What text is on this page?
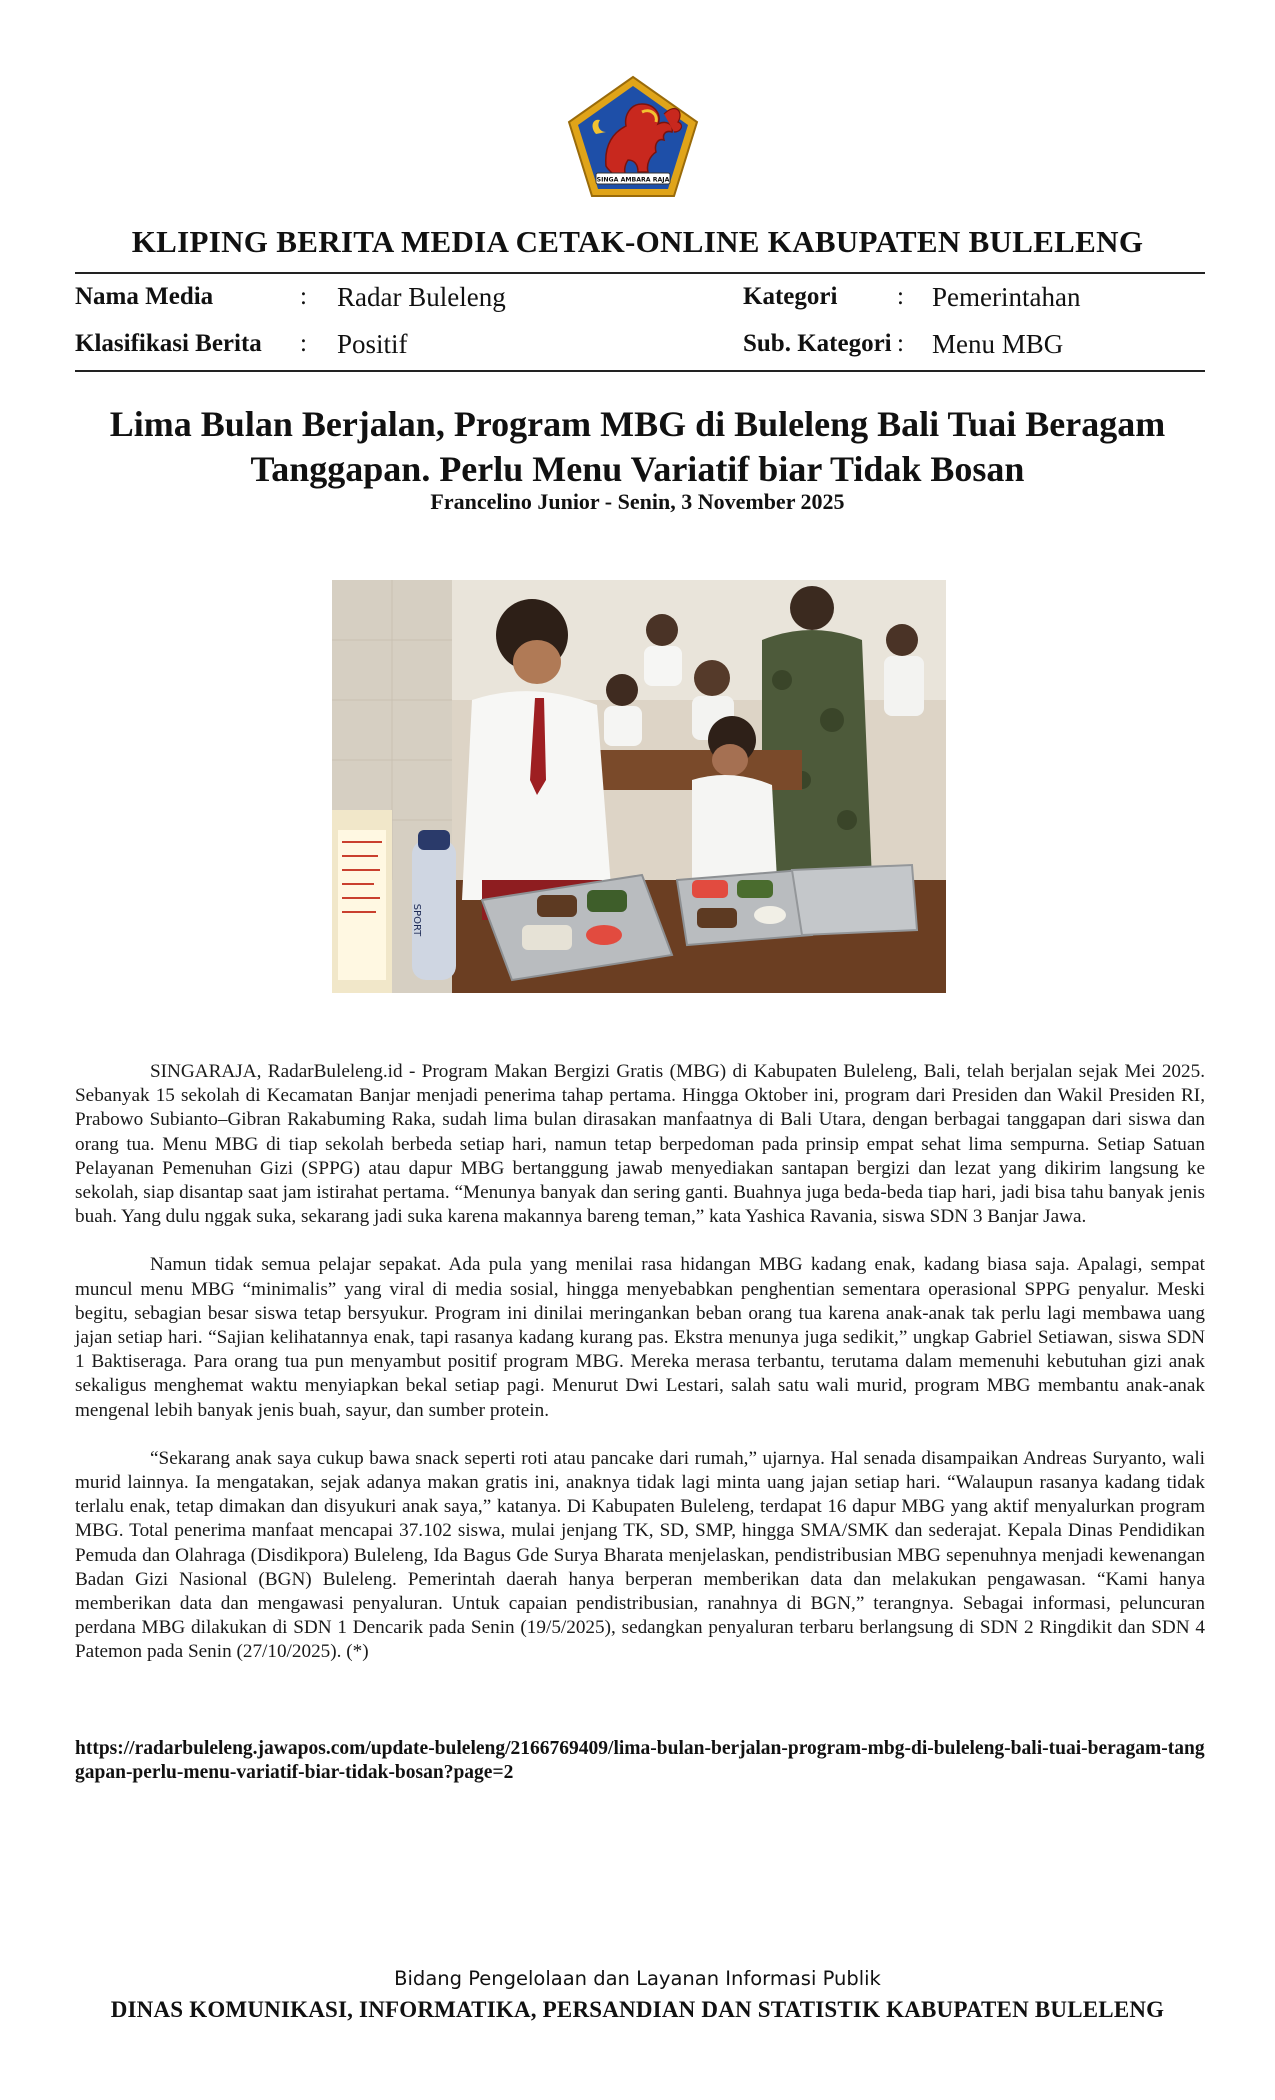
SINGA AMBARA RAJA
KLIPING BERITA MEDIA CETAK-ONLINE KABUPATEN BULELENG
Nama Media	: Radar Buleleng
Klasifikasi Berita : Positif
Kategori : Pemerintahan
Sub. Kategori : Menu MBG
Lima Bulan Berjalan, Program MBG di Buleleng Bali Tuai Beragam Tanggapan. Perlu Menu Variatif biar Tidak Bosan
Francelino Junior - Senin, 3 November 2025
SPORT

SINGARAJA, RadarBuleleng.id - Program Makan Bergizi Gratis (MBG) di Kabupaten Buleleng, Bali, telah berjalan sejak Mei 2025. Sebanyak 15 sekolah di Kecamatan Banjar menjadi penerima tahap pertama. Hingga Oktober ini, program dari Presiden dan Wakil Presiden RI, Prabowo Subianto–Gibran Rakabuming Raka, sudah lima bulan dirasakan manfaatnya di Bali Utara, dengan berbagai tanggapan dari siswa dan orang tua. Menu MBG di tiap sekolah berbeda setiap hari, namun tetap berpedoman pada prinsip empat sehat lima sempurna. Setiap Satuan Pelayanan Pemenuhan Gizi (SPPG) atau dapur MBG bertanggung jawab menyediakan santapan bergizi dan lezat yang dikirim langsung ke sekolah, siap disantap saat jam istirahat pertama. “Menunya banyak dan sering ganti. Buahnya juga beda-beda tiap hari, jadi bisa tahu banyak jenis buah. Yang dulu nggak suka, sekarang jadi suka karena makannya bareng teman,” kata Yashica Ravania, siswa SDN 3 Banjar Jawa.

Namun tidak semua pelajar sepakat. Ada pula yang menilai rasa hidangan MBG kadang enak, kadang biasa saja. Apalagi, sempat muncul menu MBG “minimalis” yang viral di media sosial, hingga menyebabkan penghentian sementara operasional SPPG penyalur. Meski begitu, sebagian besar siswa tetap bersyukur. Program ini dinilai meringankan beban orang tua karena anak-anak tak perlu lagi membawa uang jajan setiap hari. “Sajian kelihatannya enak, tapi rasanya kadang kurang pas. Ekstra menunya juga sedikit,” ungkap Gabriel Setiawan, siswa SDN 1 Baktiseraga. Para orang tua pun menyambut positif program MBG. Mereka merasa terbantu, terutama dalam memenuhi kebutuhan gizi anak sekaligus menghemat waktu menyiapkan bekal setiap pagi. Menurut Dwi Lestari, salah satu wali murid, program MBG membantu anak-anak mengenal lebih banyak jenis buah, sayur, dan sumber protein.

“Sekarang anak saya cukup bawa snack seperti roti atau pancake dari rumah,” ujarnya. Hal senada disampaikan Andreas Suryanto, wali murid lainnya. Ia mengatakan, sejak adanya makan gratis ini, anaknya tidak lagi minta uang jajan setiap hari. “Walaupun rasanya kadang tidak terlalu enak, tetap dimakan dan disyukuri anak saya,” katanya. Di Kabupaten Buleleng, terdapat 16 dapur MBG yang aktif menyalurkan program MBG. Total penerima manfaat mencapai 37.102 siswa, mulai jenjang TK, SD, SMP, hingga SMA/SMK dan sederajat. Kepala Dinas Pendidikan Pemuda dan Olahraga (Disdikpora) Buleleng, Ida Bagus Gde Surya Bharata menjelaskan, pendistribusian MBG sepenuhnya menjadi kewenangan Badan Gizi Nasional (BGN) Buleleng. Pemerintah daerah hanya berperan memberikan data dan melakukan pengawasan. “Kami hanya memberikan data dan mengawasi penyaluran. Untuk capaian pendistribusian, ranahnya di BGN,” terangnya. Sebagai informasi, peluncuran perdana MBG dilakukan di SDN 1 Dencarik pada Senin (19/5/2025), sedangkan penyaluran terbaru berlangsung di SDN 2 Ringdikit dan SDN 4 Patemon pada Senin (27/10/2025). (*)

https://radarbuleleng.jawapos.com/update-buleleng/2166769409/lima-bulan-berjalan-program-mbg-di-buleleng-bali-tuai-beragam-tanggapan-perlu-menu-variatif-biar-tidak-bosan?page=2
Bidang Pengelolaan dan Layanan Informasi Publik
DINAS KOMUNIKASI, INFORMATIKA, PERSANDIAN DAN STATISTIK KABUPATEN BULELENG
